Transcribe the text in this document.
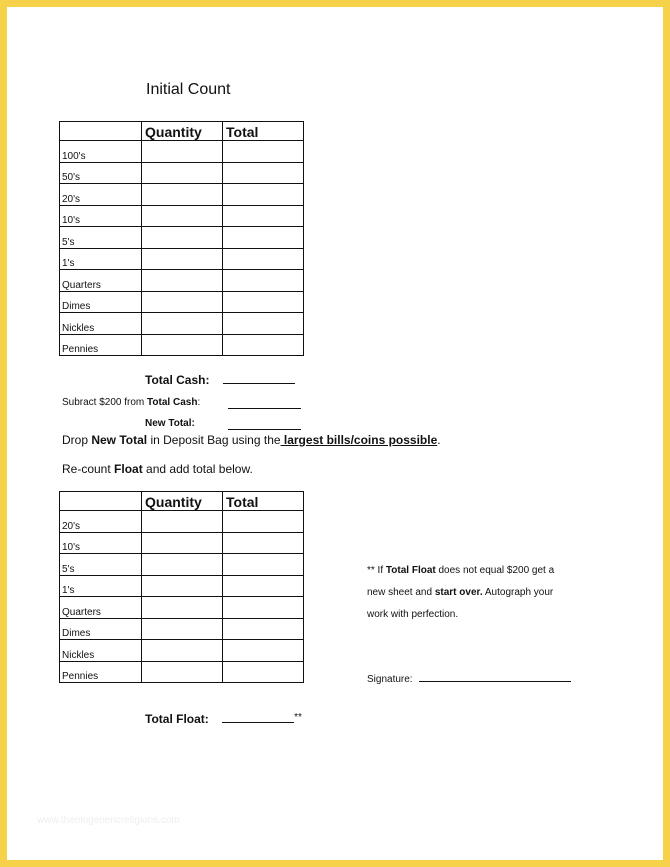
Initial Count
	Quantity	Total
100's		
50's		
20's		
10's		
5's		
1's		
Quarters		
Dimes		
Nickles		
Pennies		
Total Cash:
Subract $200 from Total Cash:
New Total:
Drop New Total in Deposit Bag using the largest bills/coins possible.
Re-count Float and add total below.
	Quantity	Total
20's		
10's		
5's		
1's		
Quarters		
Dimes		
Nickles		
Pennies		
** If Total Float does not equal $200 get a
new sheet and start over. Autograph your
work with perfection.
Signature:
Total Float:	**
www.theologenericreligions.com
